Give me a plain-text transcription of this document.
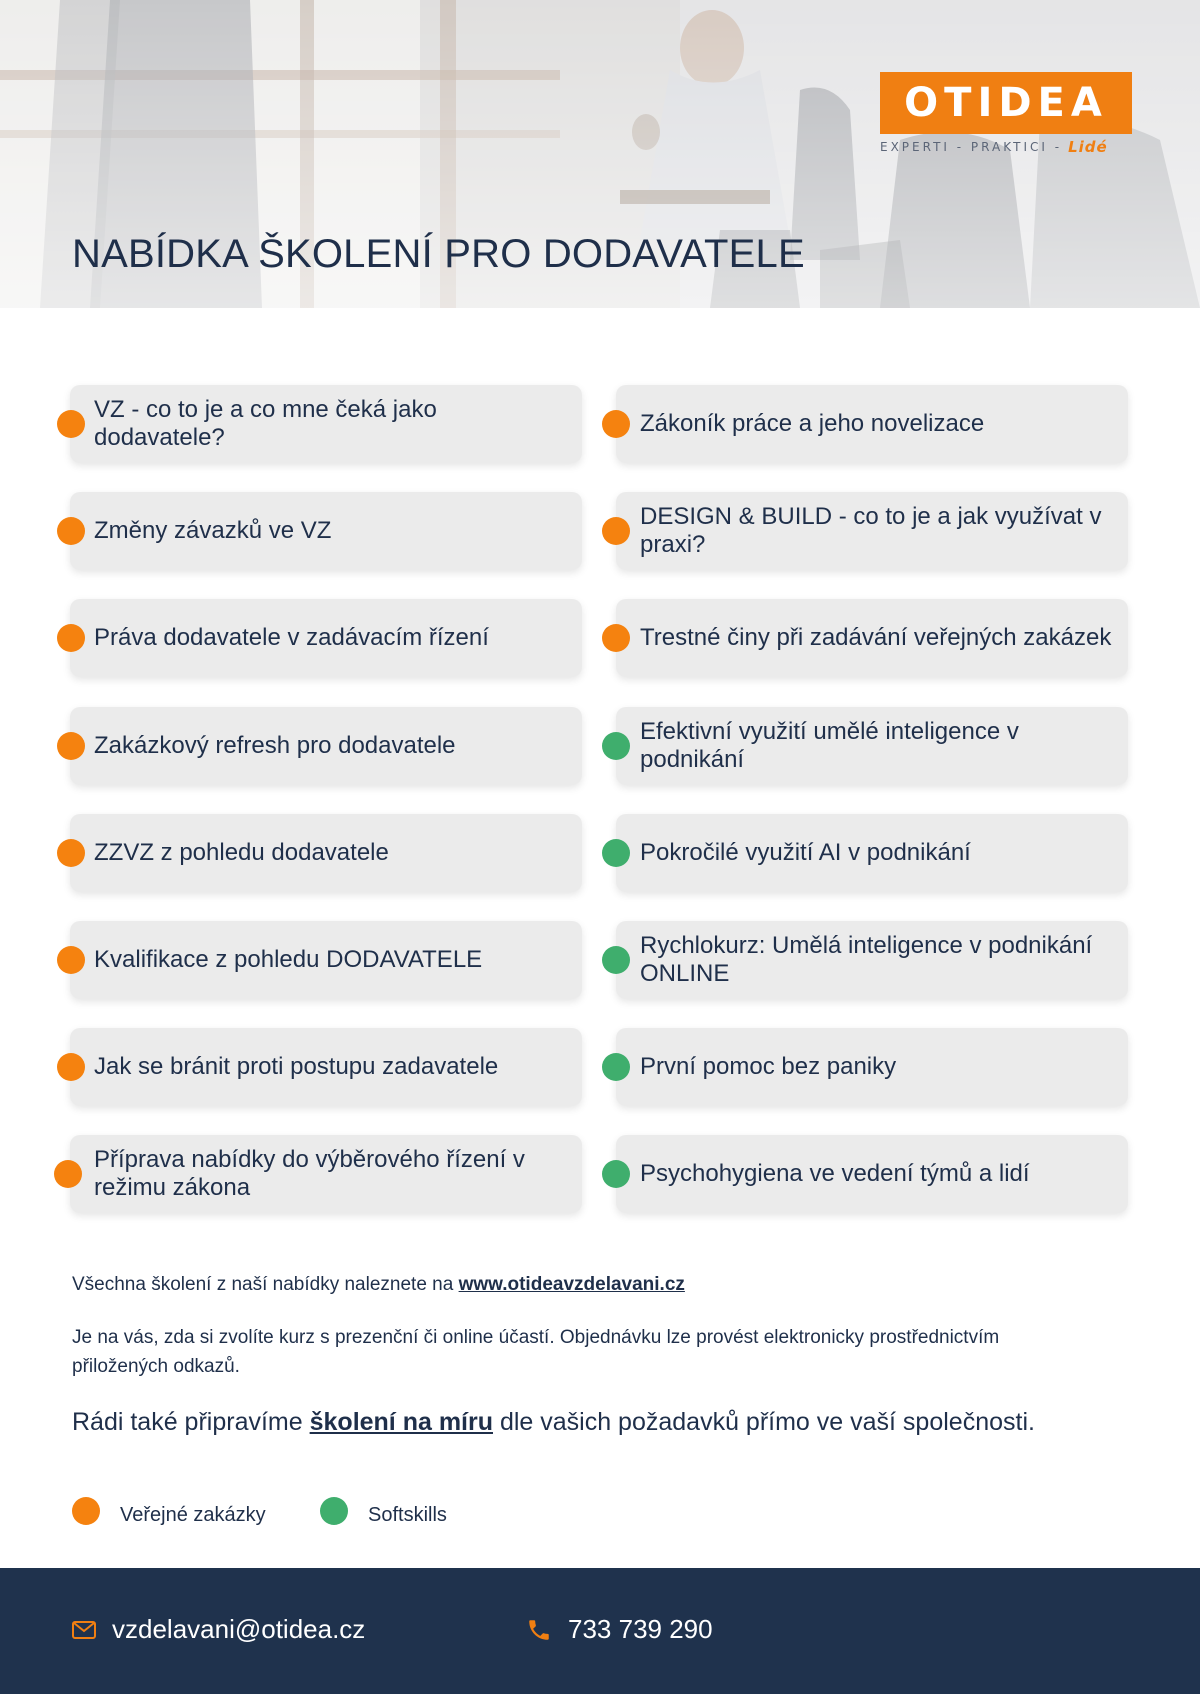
OTIDEA
EXPERTI - PRAKTICI - Lidé
NABÍDKA ŠKOLENÍ PRO DODAVATELE
VZ - co to je a co mne čeká jako dodavatele?
Změny závazků ve VZ
Práva dodavatele v zadávacím řízení
Zakázkový refresh pro dodavatele
ZZVZ z pohledu dodavatele
Kvalifikace z pohledu DODAVATELE
Jak se bránit proti postupu zadavatele
Příprava nabídky do výběrového řízení v režimu zákona
Zákoník práce a jeho novelizace
DESIGN & BUILD - co to je a jak využívat v praxi?
Trestné činy při zadávání veřejných zakázek
Efektivní využití umělé inteligence v podnikání
Pokročilé využití AI v podnikání
Rychlokurz: Umělá inteligence v podnikání ONLINE
První pomoc bez paniky
Psychohygiena ve vedení týmů a lidí

Všechna školení z naší nabídky naleznete na www.otideavzdelavani.cz

Je na vás, zda si zvolíte kurz s prezenční či online účastí. Objednávku lze provést elektronicky prostřednictvím přiložených odkazů.

Rádi také připravíme školení na míru dle vašich požadavků přímo ve vaší společnosti.

Veřejné zakázky	Softskills
vzdelavani@otidea.cz	733 739 290
